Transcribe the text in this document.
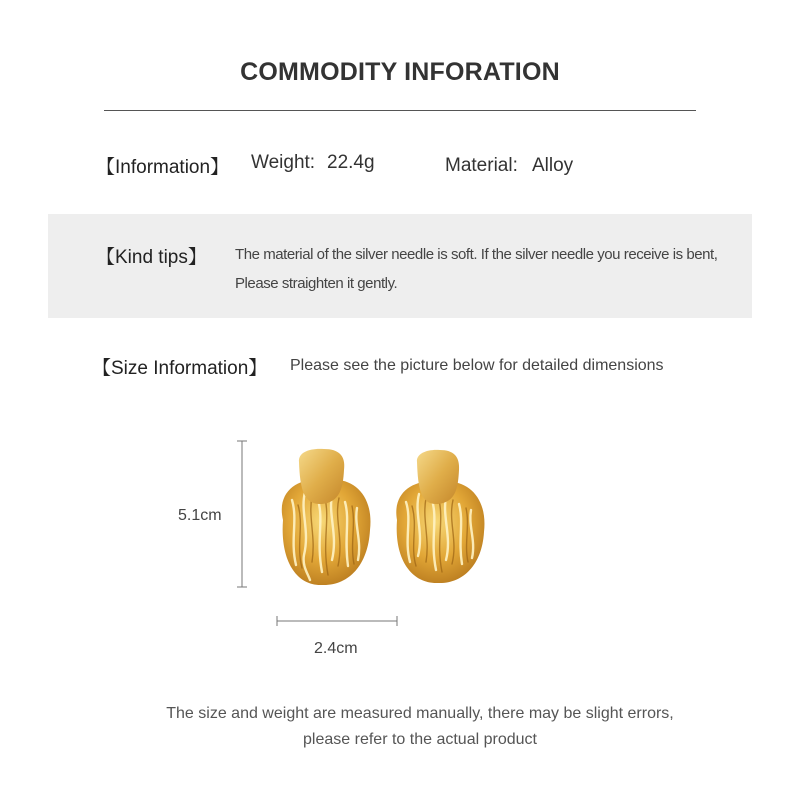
COMMODITY INFORATION
【Information】 Weight: 22.4g	Material: Alloy
【Kind tips】 The material of the silver needle is soft. If the silver needle you receive is bent,
Please straighten it gently.
【Size Information】 Please see the picture below for detailed dimensions
5.1cm
2.4cm
The size and weight are measured manually, there may be slight errors,
please refer to the actual product
